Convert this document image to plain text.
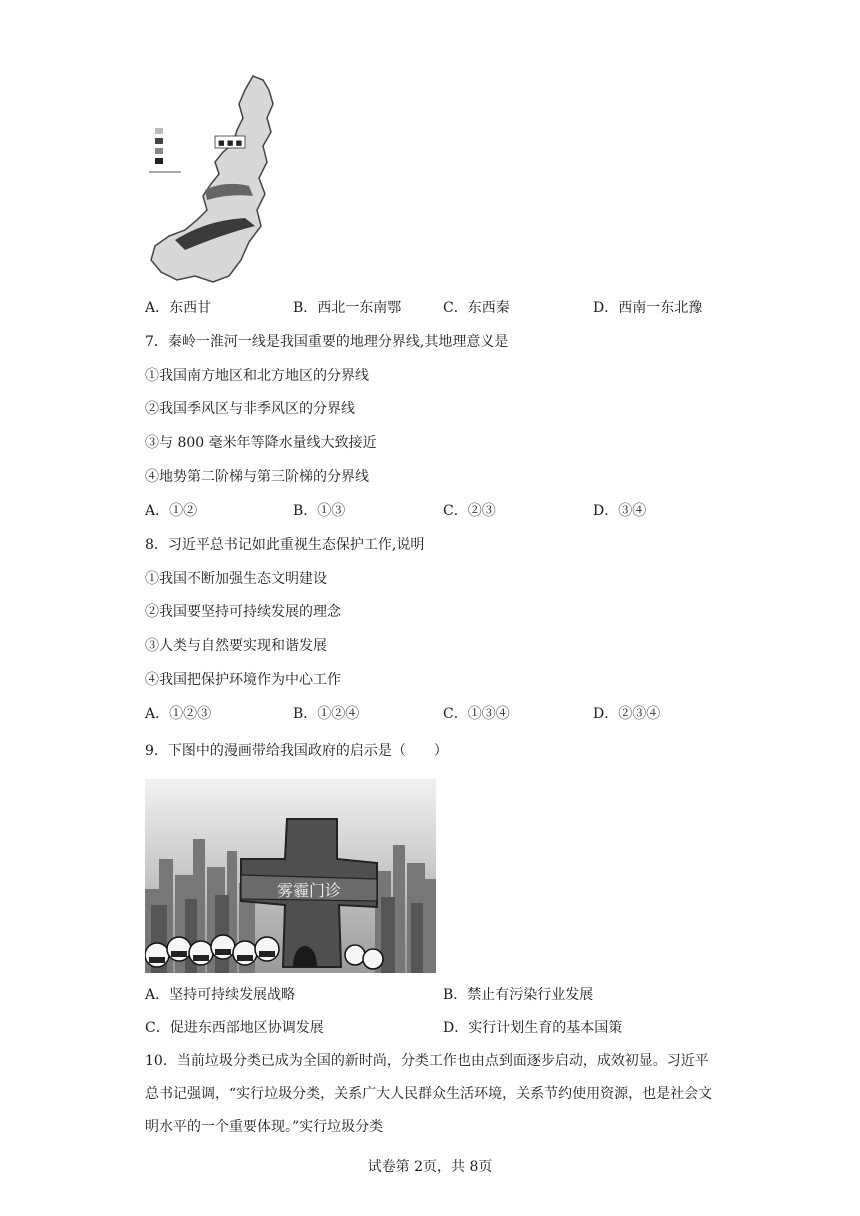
■ ■ ■
A．东西甘	B．西北一东南鄂	C．东西秦	D．西南一东北豫
7．秦岭一淮河一线是我国重要的地理分界线,其地理意义是
①我国南方地区和北方地区的分界线
②我国季风区与非季风区的分界线
③与 800 毫米年等降水量线大致接近
④地势第二阶梯与第三阶梯的分界线
A．①②	B．①③	C．②③	D．③④
8．习近平总书记如此重视生态保护工作,说明
①我国不断加强生态文明建设
②我国要坚持可持续发展的理念
③人类与自然要实现和谐发展
④我国把保护环境作为中心工作
A．①②③	B．①②④	C．①③④	D．②③④
9．下图中的漫画带给我国政府的启示是（　　）
雾霾门诊
A．坚持可持续发展战略	B．禁止有污染行业发展
C．促进东西部地区协调发展	D．实行计划生育的基本国策
10．当前垃圾分类已成为全国的新时尚，分类工作也由点到面逐步启动，成效初显。习近平总书记强调，“实行垃圾分类，关系广大人民群众生活环境，关系节约使用资源，也是社会文明水平的一个重要体现。”实行垃圾分类
试卷第 2页，共 8页
